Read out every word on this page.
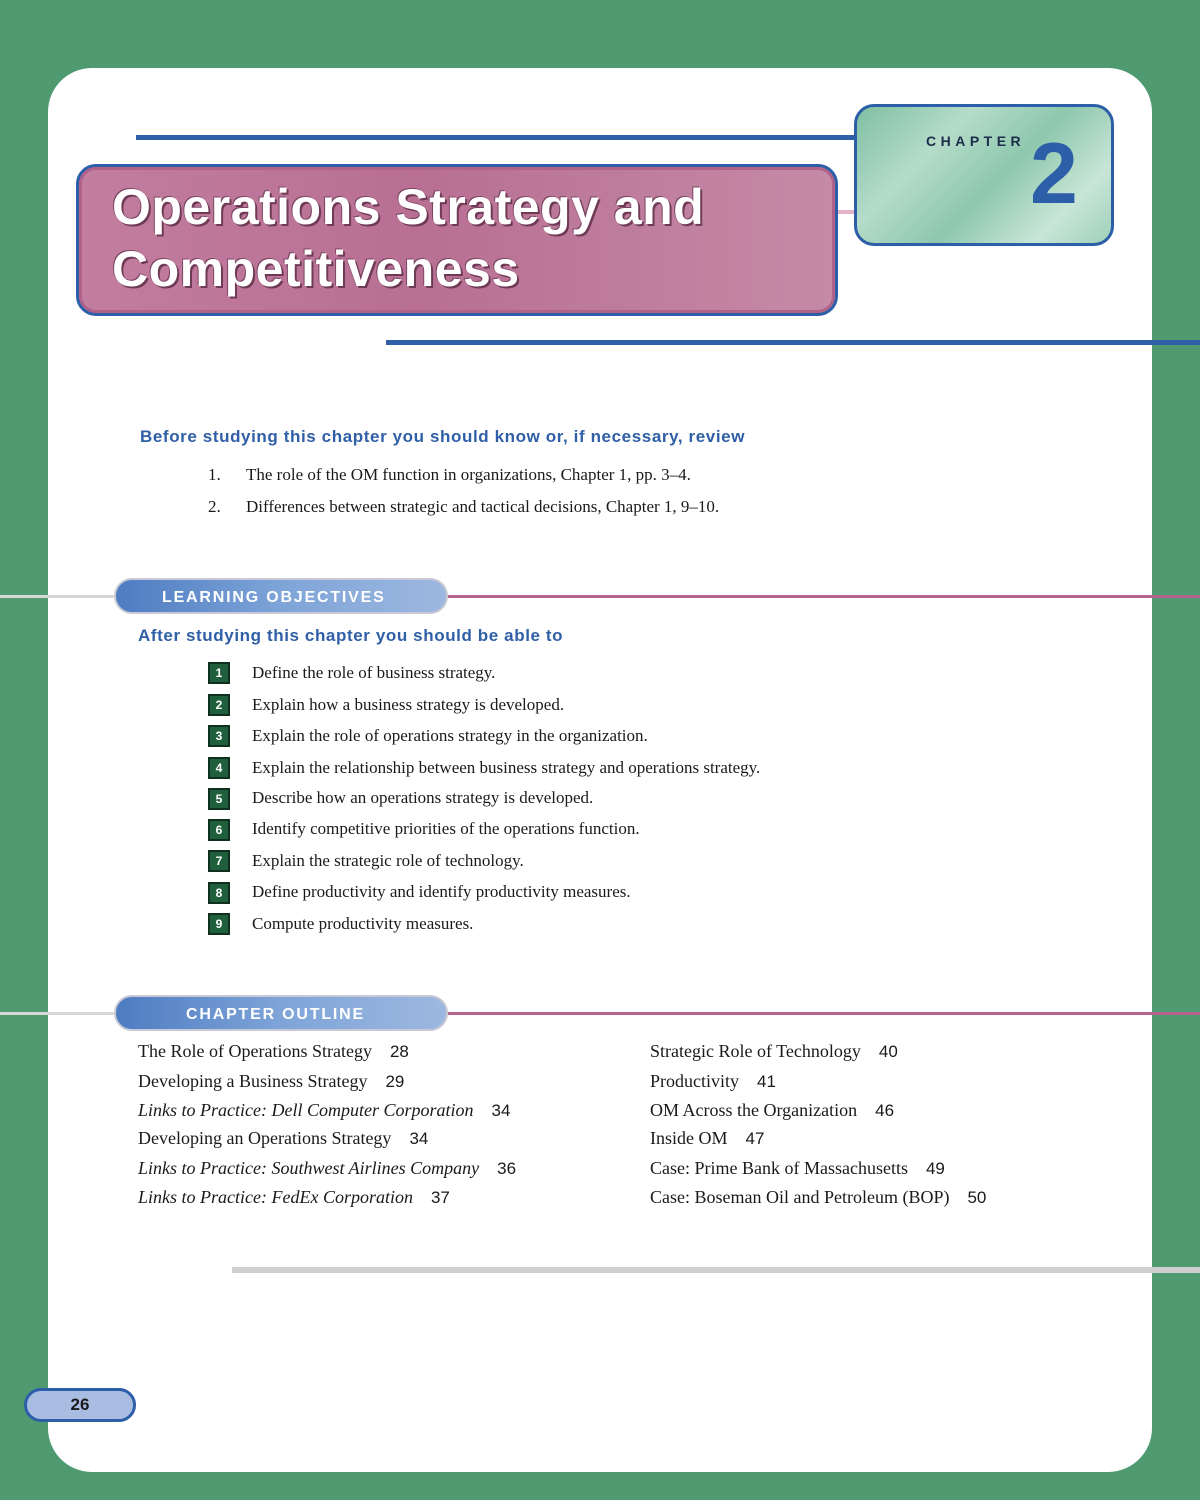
Operations Strategy and
Competitiveness
CHAPTER 2
Before studying this chapter you should know or, if necessary, review
1. The role of the OM function in organizations, Chapter 1, pp. 3–4.
2. Differences between strategic and tactical decisions, Chapter 1, 9–10.
LEARNING OBJECTIVES
After studying this chapter you should be able to
1	Define the role of business strategy.
2	Explain how a business strategy is developed.
3	Explain the role of operations strategy in the organization.
4	Explain the relationship between business strategy and operations strategy.
5	Describe how an operations strategy is developed.
6	Identify competitive priorities of the operations function.
7	Explain the strategic role of technology.
8	Define productivity and identify productivity measures.
9	Compute productivity measures.
CHAPTER OUTLINE
The Role of Operations Strategy 28
Developing a Business Strategy 29
Links to Practice: Dell Computer Corporation 34
Developing an Operations Strategy 34
Links to Practice: Southwest Airlines Company 36
Links to Practice: FedEx Corporation 37
Strategic Role of Technology 40
Productivity 41
OM Across the Organization 46
Inside OM 47
Case: Prime Bank of Massachusetts 49
Case: Boseman Oil and Petroleum (BOP) 50
26
